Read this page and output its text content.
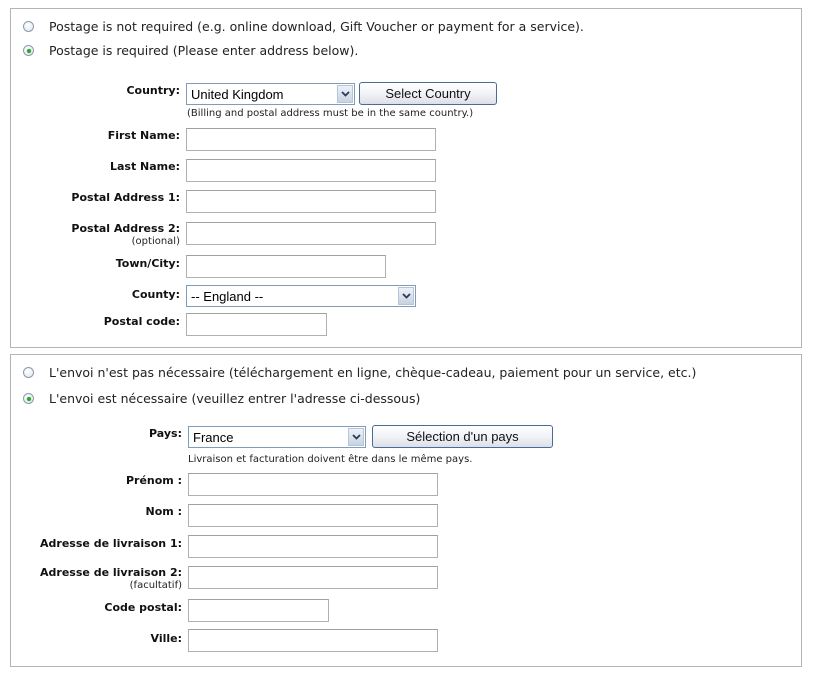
Postage is not required (e.g. online download, Gift Voucher or payment for a service).
Postage is required (Please enter address below).
Country: United Kingdom	Select Country
(Billing and postal address must be in the same country.)
First Name:
Last Name:
Postal Address 1:
Postal Address 2:
(optional)
Town/City:
County: -- England --
Postal code:
L'envoi n'est pas nécessaire (téléchargement en ligne, chèque-cadeau, paiement pour un service, etc.)
L'envoi est nécessaire (veuillez entrer l'adresse ci-dessous)
Pays: France	Sélection d'un pays
Livraison et facturation doivent être dans le même pays.
Prénom :
Nom :
Adresse de livraison 1:
Adresse de livraison 2:
(facultatif)
Code postal:
Ville:
